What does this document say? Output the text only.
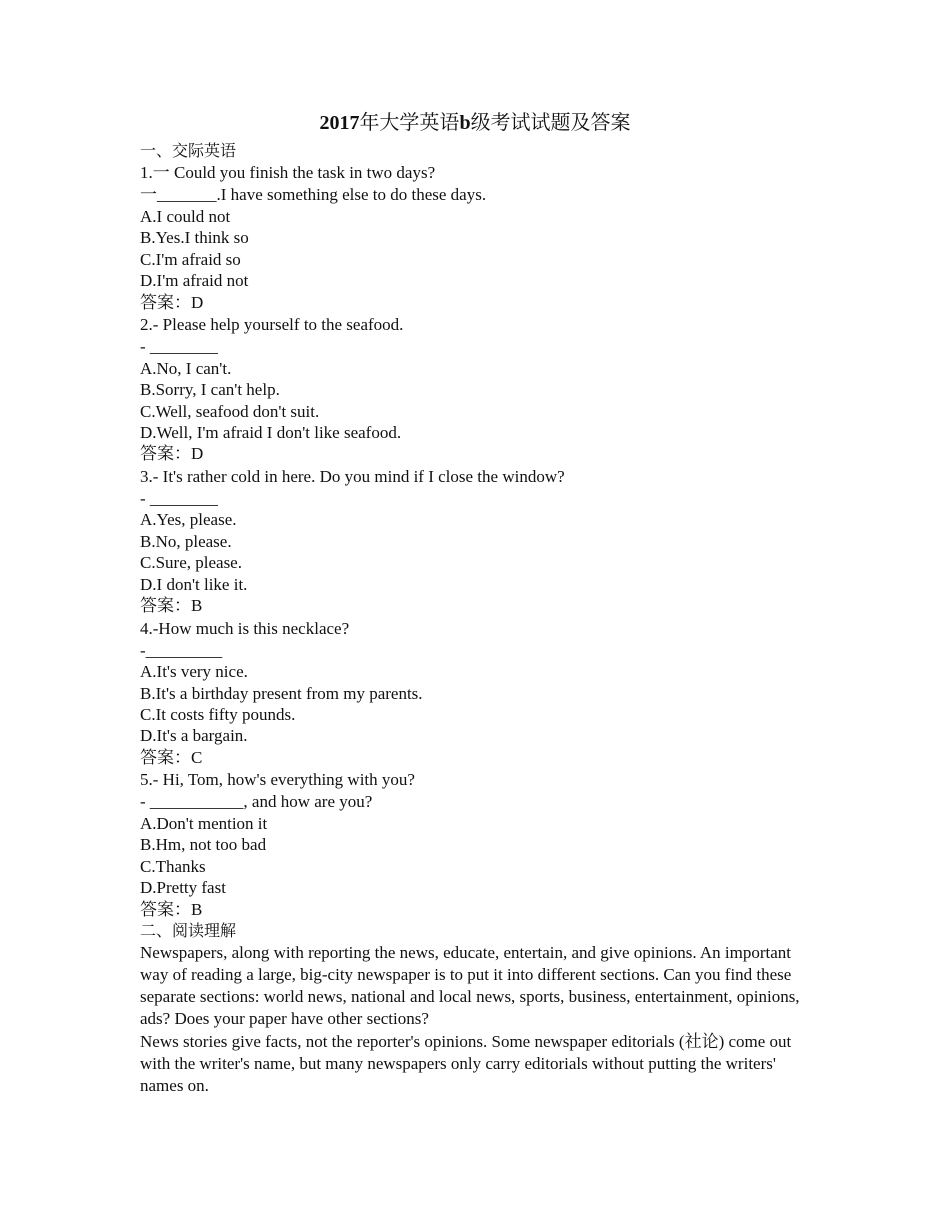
2017年大学英语b级考试试题及答案
一、交际英语
1.一 Could you finish the task in two days?
一_______.I have something else to do these days.
A.I could not
B.Yes.I think so
C.I'm afraid so
D.I'm afraid not
答案：D
2.- Please help yourself to the seafood.
- ________
A.No, I can't.
B.Sorry, I can't help.
C.Well, seafood don't suit.
D.Well, I'm afraid I don't like seafood.
答案：D
3.- It's rather cold in here. Do you mind if I close the window?
- ________
A.Yes, please.
B.No, please.
C.Sure, please.
D.I don't like it.
答案：B
4.-How much is this necklace?
-_________
A.It's very nice.
B.It's a birthday present from my parents.
C.It costs fifty pounds.
D.It's a bargain.
答案：C
5.- Hi, Tom, how's everything with you?
- ___________, and how are you?
A.Don't mention it
B.Hm, not too bad
C.Thanks
D.Pretty fast
答案：B
二、阅读理解

Newspapers, along with reporting the news, educate, entertain, and give opinions. An important way of reading a large, big-city newspaper is to put it into different sections. Can you find these separate sections: world news, national and local news, sports, business, entertainment, opinions, ads? Does your paper have other sections?

News stories give facts, not the reporter's opinions. Some newspaper editorials (社论) come out with the writer's name, but many newspapers only carry editorials without putting the writers' names on.
